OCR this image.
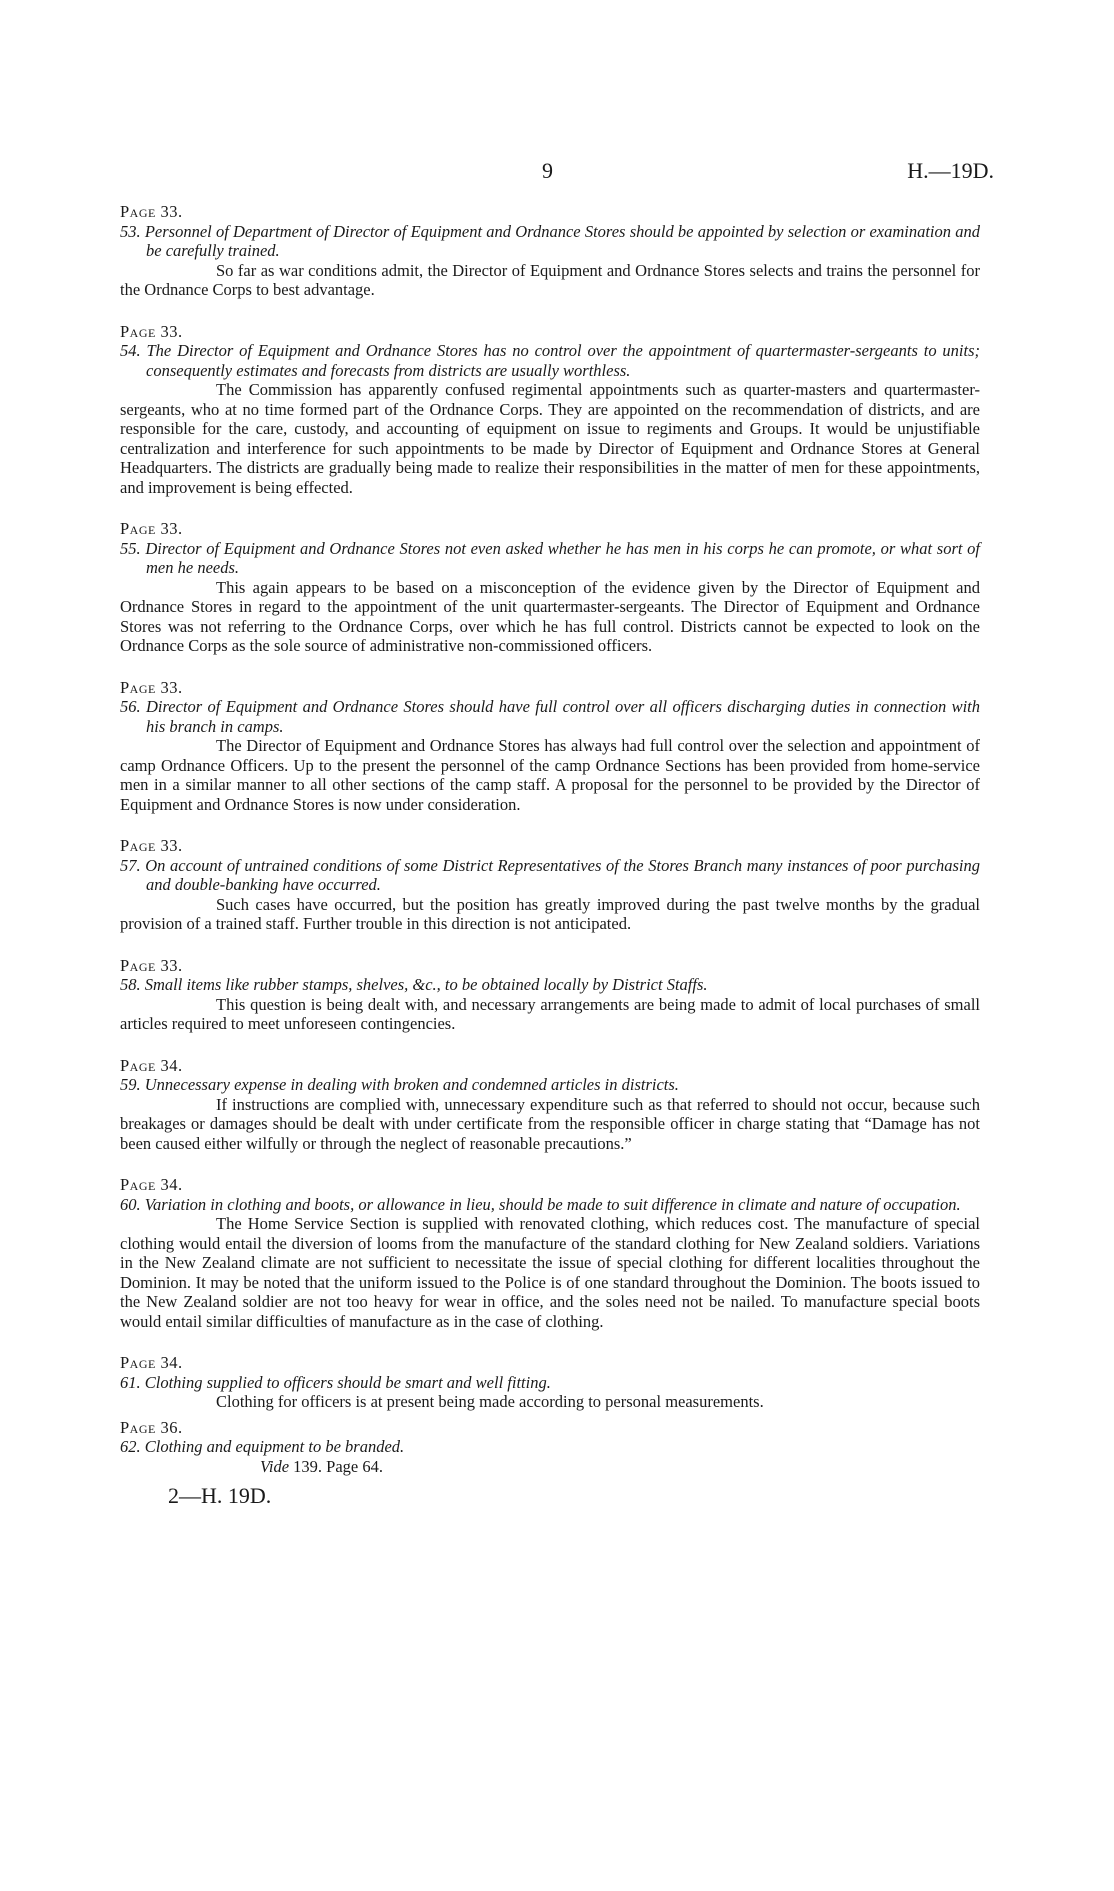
9	H.—19D.
Page 33.
53. Personnel of Department of Director of Equipment and Ordnance Stores should be appointed by selection or examination and be carefully trained.
So far as war conditions admit, the Director of Equipment and Ordnance Stores selects and trains the personnel for the Ordnance Corps to best advantage.
Page 33.
54. The Director of Equipment and Ordnance Stores has no control over the appointment of quartermaster-sergeants to units; consequently estimates and forecasts from districts are usually worthless.
The Commission has apparently confused regimental appointments such as quarter-masters and quartermaster-sergeants, who at no time formed part of the Ordnance Corps. They are appointed on the recommendation of districts, and are responsible for the care, custody, and accounting of equipment on issue to regiments and Groups. It would be unjustifiable centralization and interference for such appointments to be made by Director of Equipment and Ordnance Stores at General Headquarters. The districts are gradually being made to realize their responsibilities in the matter of men for these appointments, and improvement is being effected.
Page 33.
55. Director of Equipment and Ordnance Stores not even asked whether he has men in his corps he can promote, or what sort of men he needs.
This again appears to be based on a misconception of the evidence given by the Director of Equipment and Ordnance Stores in regard to the appointment of the unit quartermaster-sergeants. The Director of Equipment and Ordnance Stores was not referring to the Ordnance Corps, over which he has full control. Districts cannot be expected to look on the Ordnance Corps as the sole source of administrative non-commissioned officers.
Page 33.
56. Director of Equipment and Ordnance Stores should have full control over all officers discharging duties in connection with his branch in camps.
The Director of Equipment and Ordnance Stores has always had full control over the selection and appointment of camp Ordnance Officers. Up to the present the personnel of the camp Ordnance Sections has been provided from home-service men in a similar manner to all other sections of the camp staff. A proposal for the personnel to be provided by the Director of Equipment and Ordnance Stores is now under consideration.
Page 33.
57. On account of untrained conditions of some District Representatives of the Stores Branch many instances of poor purchasing and double-banking have occurred.
Such cases have occurred, but the position has greatly improved during the past twelve months by the gradual provision of a trained staff. Further trouble in this direction is not anticipated.
Page 33.
58. Small items like rubber stamps, shelves, &c., to be obtained locally by District Staffs.
This question is being dealt with, and necessary arrangements are being made to admit of local purchases of small articles required to meet unforeseen contingencies.
Page 34.
59. Unnecessary expense in dealing with broken and condemned articles in districts.
If instructions are complied with, unnecessary expenditure such as that referred to should not occur, because such breakages or damages should be dealt with under certificate from the responsible officer in charge stating that “Damage has not been caused either wilfully or through the neglect of reasonable precautions.”
Page 34.
60. Variation in clothing and boots, or allowance in lieu, should be made to suit difference in climate and nature of occupation.
The Home Service Section is supplied with renovated clothing, which reduces cost. The manufacture of special clothing would entail the diversion of looms from the manufacture of the standard clothing for New Zealand soldiers. Variations in the New Zealand climate are not sufficient to necessitate the issue of special clothing for different localities throughout the Dominion. It may be noted that the uniform issued to the Police is of one standard throughout the Dominion. The boots issued to the New Zealand soldier are not too heavy for wear in office, and the soles need not be nailed. To manufacture special boots would entail similar difficulties of manufacture as in the case of clothing.
Page 34.
61. Clothing supplied to officers should be smart and well fitting.
Clothing for officers is at present being made according to personal measurements.
Page 36.
62. Clothing and equipment to be branded.
Vide 139. Page 64.
2—H. 19D.
